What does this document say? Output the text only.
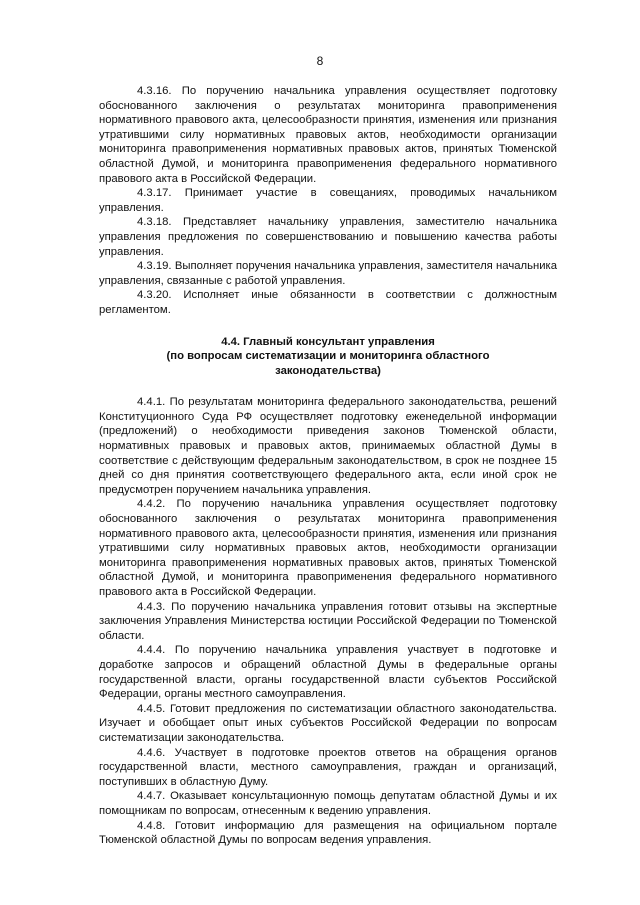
8

4.3.16. По поручению начальника управления осуществляет подготовку обоснованного заключения о результатах мониторинга правоприменения нормативного правового акта, целесообразности принятия, изменения или признания утратившими силу нормативных правовых актов, необходимости организации мониторинга правоприменения нормативных правовых актов, принятых Тюменской областной Думой, и мониторинга правоприменения федерального нормативного правового акта в Российской Федерации.

4.3.17. Принимает участие в совещаниях, проводимых начальником управления.

4.3.18. Представляет начальнику управления, заместителю начальника управления предложения по совершенствованию и повышению качества работы управления.

4.3.19. Выполняет поручения начальника управления, заместителя начальника управления, связанные с работой управления.

4.3.20. Исполняет иные обязанности в соответствии с должностным регламентом.

4.4. Главный консультант управления
(по вопросам систематизации и мониторинга областного
законодательства)

4.4.1. По результатам мониторинга федерального законодательства, решений Конституционного Суда РФ осуществляет подготовку еженедельной информации (предложений) о необходимости приведения законов Тюменской области, нормативных правовых и правовых актов, принимаемых областной Думы в соответствие с действующим федеральным законодательством, в срок не позднее 15 дней со дня принятия соответствующего федерального акта, если иной срок не предусмотрен поручением начальника управления.

4.4.2. По поручению начальника управления осуществляет подготовку обоснованного заключения о результатах мониторинга правоприменения нормативного правового акта, целесообразности принятия, изменения или признания утратившими силу нормативных правовых актов, необходимости организации мониторинга правоприменения нормативных правовых актов, принятых Тюменской областной Думой, и мониторинга правоприменения федерального нормативного правового акта в Российской Федерации.

4.4.3. По поручению начальника управления готовит отзывы на экспертные заключения Управления Министерства юстиции Российской Федерации по Тюменской области.

4.4.4. По поручению начальника управления участвует в подготовке и доработке запросов и обращений областной Думы в федеральные органы государственной власти, органы государственной власти субъектов Российской Федерации, органы местного самоуправления.

4.4.5. Готовит предложения по систематизации областного законодательства. Изучает и обобщает опыт иных субъектов Российской Федерации по вопросам систематизации законодательства.

4.4.6. Участвует в подготовке проектов ответов на обращения органов государственной власти, местного самоуправления, граждан и организаций, поступивших в областную Думу.

4.4.7. Оказывает консультационную помощь депутатам областной Думы и их помощникам по вопросам, отнесенным к ведению управления.

4.4.8. Готовит информацию для размещения на официальном портале Тюменской областной Думы по вопросам ведения управления.
